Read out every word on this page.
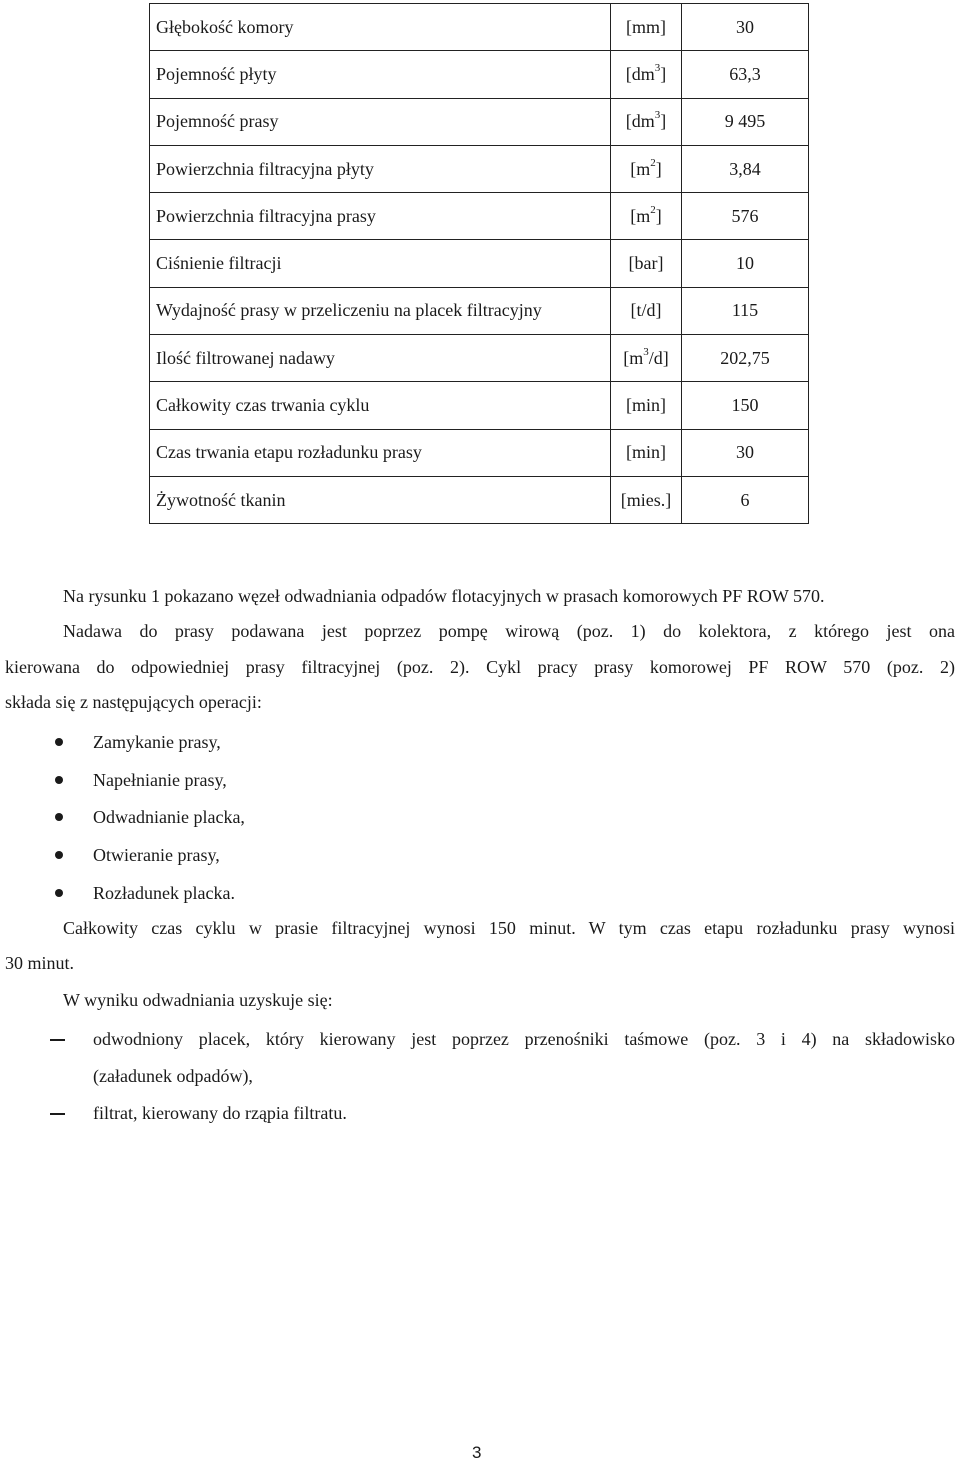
Głębokość komory	[mm]	30
Pojemność płyty	$[dm^3]$	63,3
Pojemność prasy	$[dm^3]$	9 495
Powierzchnia filtracyjna płyty	$[m^2]$	3,84
Powierzchnia filtracyjna prasy	$[m^2]$	576
Ciśnienie filtracji	[bar]	10
Wydajność prasy w przeliczeniu na placek filtracyjny	[t/d]	115
Ilość filtrowanej nadawy	$[m^3/d]$	202,75
Całkowity czas trwania cyklu	[min]	150
Czas trwania etapu rozładunku prasy	[min]	30
Żywotność tkanin	[mies.]	6
Na rysunku 1 pokazano węzeł odwadniania odpadów flotacyjnych w prasach komorowych PF ROW 570.
Nadawa do prasy podawana jest poprzez pompę wirową (poz. 1) do kolektora, z którego jest ona
kierowana do odpowiedniej prasy filtracyjnej (poz. 2). Cykl pracy prasy komorowej PF ROW 570 (poz. 2)
składa się z następujących operacji:
Zamykanie prasy,
Napełnianie prasy,
Odwadnianie placka,
Otwieranie prasy,
Rozładunek placka.
Całkowity czas cyklu w prasie filtracyjnej wynosi 150 minut. W tym czas etapu rozładunku prasy wynosi
30 minut.
W wyniku odwadniania uzyskuje się:
odwodniony placek, który kierowany jest poprzez przenośniki taśmowe (poz. 3 i 4) na składowisko
(załadunek odpadów),
filtrat, kierowany do rząpia filtratu.
3
